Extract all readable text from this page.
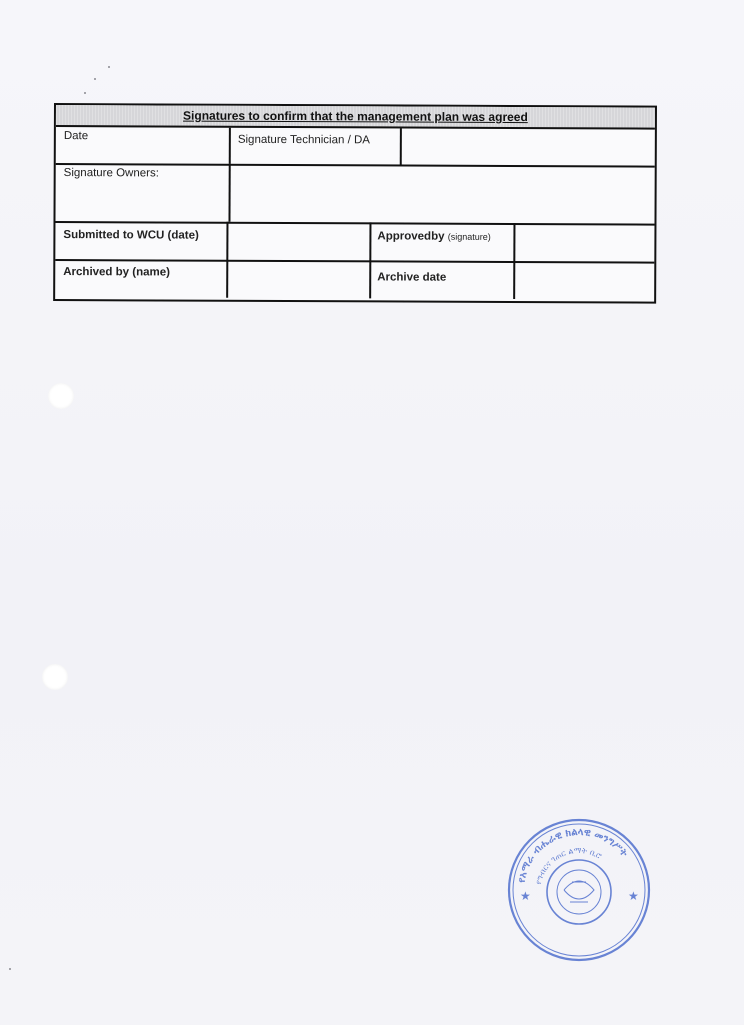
Signatures to confirm that the management plan was agreed
Date	Signature Technician / DA
Signature Owners:
Submitted to WCU (date)	Approvedby (signature)
Archived by (name)	Archive date
የአማራ ብሔራዊ ክልላዊ መንግሥት
የግብርና ገጠር ልማት ቢሮ
★	★
